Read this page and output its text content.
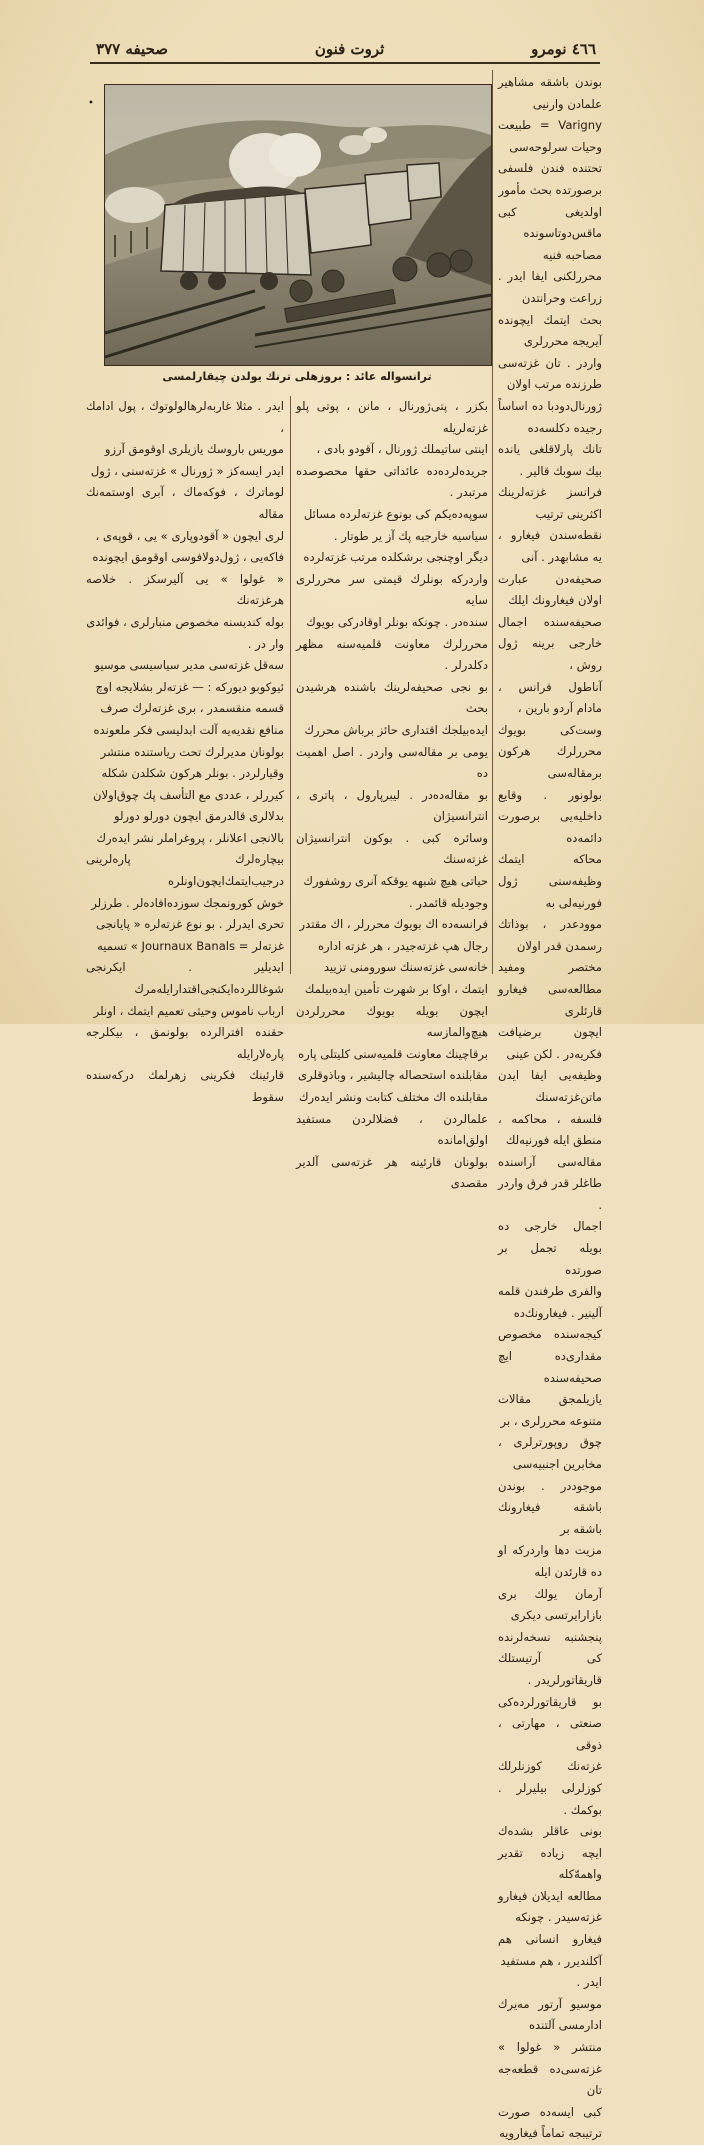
٤٦٦ نومرو
ثروت فنون
صحیفه ٣٧٧
•
ترانسواله عائد : بروزهلی ترنك يولدن چيقارلمسی

بوندن باشقه مشاهیر علمادن وارنیی

Varigny = طبیعت وحیات سرلوحه‌سی

تحتنده فندن فلسفی برصورتده بحث مأمور

اولدیغی کبی ماقس‌دوتاسونده مصاحبه فنیه

محررلکنی ایفا ایدر . زراعت وحرانتدن

بحث ایتمك ایچونده آیریجه محررلری

واردر . تان غزته‌سی طرزنده مرتب اولان

ژورنال‌دودبا ده اساساً رجیده دکلسه‌ده

تانك پارلاقلغی یانده بیك سوبك قالیر .

فرانسز غزته‌لرینك اکثرینی ترتیب

نقطه‌سندن فیغارو ، یه مشابهدر . آنی

صحیفه‌دن عبارت اولان فیغارونك ایلك

صحیفه‌سنده اجمال خارجی برینه ژول روش ،

آناطول فرانس ، مادام آردو بارین ،

وست‌کی بویوك محررلرك هرکون برمقاله‌سی

بولونور . وقایع داخلیه‌یی برصورت دائمه‌ده

محاکه ایتمك وظیفه‌سنی ژول فورنیه‌لی به

موودعدر ، بوذاتك رسمدن قدر اولان

مختصر ومفید مطالعه‌سی فیغارو قارئلری

ایچون برضیافت فکریه‌در . لکن عینی

وظیفه‌یی ایفا ایدن ماتن‌غزته‌سنك

فلسفه ، محاکمه ، منطق ایله فورنیه‌لك

مقاله‌سی آراسنده طاغلر قدر فرق واردر .

اجمال خارجی ده بویله تجمل بر صورتده

والفری طرفندن قلمه آلینیر . فیغارونك‌ده

کیجه‌سنده مخصوص مقداری‌ده ایچ صحیفه‌سنده

یازیلمجق مقالات متنوعه محررلری ، بر

چوق روپورترلری ، مخابرین اجنبیه‌سی

موجوددر . بوندن باشقه فیغارونك باشقه بر

مزیت دها واردرکه او ده قارئدن ایله

آرمان یولك بری بازارایرتسی دیکری

پنجشنبه نسخه‌لرنده کی آرتیستلك قاریقاتورلریدر .

بو قاریقاتورلرده‌کی صنعتی ، مهارتی ، ذوقی

غزته‌نك کوزنلرلك کوزلرلی بیلیرلر . بوکمك .

بونی عاقلر بشده‌ك ایچه زیاده تقدیر واهمهّ‌کله

مطالعه ایدیلان فیغارو غزته‌سیدر . چونکه

فیغارو انسانی هم آکلندیرر ، هم مستفید

ایدر .

موسیو آرتور مه‌یرك ادارمسی آلتنده

منتشر « غولوا » غزته‌سی‌ده قطعه‌جه تان

کبی ایسه‌ده صورت ترتیبجه تماماً فیغارویه

بکزر ، پتی‌ژورنال ، مانن ، پوتی پلو غزته‌لریله

اینتی ساتیملك ژورنال ، آقودو بادی ،

جرید‌ه‌لرده‌ده عائد‌اتی حقها محصوصده مرتبدر .

سوپه‌ده‌یکم کی بونوع غزته‌لرده مسائل

سیاسیه خارجیه پك آز یر طوتار .

دیگر اوچنجی برشکلده مرتب غزته‌لرده

واردرکه بونلرك قیمتی سر محررلری سایه

سنده‌در . چونکه بونلر اوقادرکی بویوك

محررلرك معاونت قلمیه‌سنه مظهر دکلدرلر .

بو نجی صحیفه‌لرینك باشنده هرشیدن بحث

ایده‌بیلجك اقتداری حائز برباش محررك

یومی بر مقاله‌سی واردر . اصل اهمیت ده

بو مقاله‌ده‌در . لیبرپارول ، پاتری ، انترانسیژان

وسائره کبی . بوکون انترانسیژان غزته‌سنك

حیاتی هیچ شبهه یوقکه آنری روشفورك

وجودیله قائمدر .

فرانسه‌ده اك بویوك محررلر ، اك مقتدر

رجال هپ غزته‌جیدر ، هر غزته اداره

خانه‌سی غزته‌سنك سورومنی تزیید

ایتمك ، اوکا بر شهرت تأمین ایده‌بیلمك

ایچون بویله بویوك محررلردن هیچ‌والمازسه

برقاچینك معاونت قلمیه‌سنی کلیتلی پاره

مقابلنده استحصاله چالیشیر ، وباذوقلری

مقابلنده اك مختلف کتابت ونشر ایده‌رك

علمالردن ، فضلالردن مستفید اولق‌امانده

بولونان قارئینه هر غزته‌سی آلدیر مقصدی

ایدر . مثلا غاربه‌لرهالولوتوك ، پول ادامك ،

موریس باروسك یازیلری اوقومق آرزو

ایدر ایسه‌کز « ژورنال » غزته‌سنی ، ژول

لوماترك ، فوکه‌ماك ، آبری اوستمه‌نك مقاله

لری ایچون « آقودوپاری » یی ، قوپه‌ی ،

فاکه‌یی ، ژول‌دولافوسی اوقومق ایچونده

« غولوا » یی آلیرسکز . خلاصه هرغزته‌نك

بوله کندیسنه مخصوص منبارلری ، فوائدی

وار در .

سه‌قل غزته‌سی مدیر سیاسیسی موسیو

ئیوکوبو دیورکه : — غزته‌لر بشلایجه اوچ

قسمه منقسمدر ، بری غزته‌لرك صرف

منافع نقدیه‌یه آلت ابدلیسی فکر ملعونده

بولونان مدیرلرك تحت ریاستنده منتشر

وقیارلردر . بونلر هرکون شکلدن شکله

کیررلر ، عددی مع التأسف پك چوق‌اولان

بدلالری قالدرمق ایچون دورلو دورلو

بالانجی اعلانلر ، پروغراملر نشر ایده‌رك

بیچاره‌لرك پاره‌لرینی درجیب‌ایتمك‌ایچون‌اونلره

خوش کورونمجك سوزده‌افاده‌لر . طرزلر

تحری ایدرلر . بو نوع غزته‌لره « پایانجی

غزته‌لر = Journaux Banals » تسمیه

ایدیلیر . ایکرنجی شوغاللرده‌ایکنجی‌اقتدار‌ایله‌مرك

ارباب ناموس وحیثی تعمیم ایتمك ، اونلر

حقنده افترالرده بولونمق ، بیکلرجه پاره‌لار‌ایله

قارئینك فکرینی زهرلمك درکه‌سنده سقوط
